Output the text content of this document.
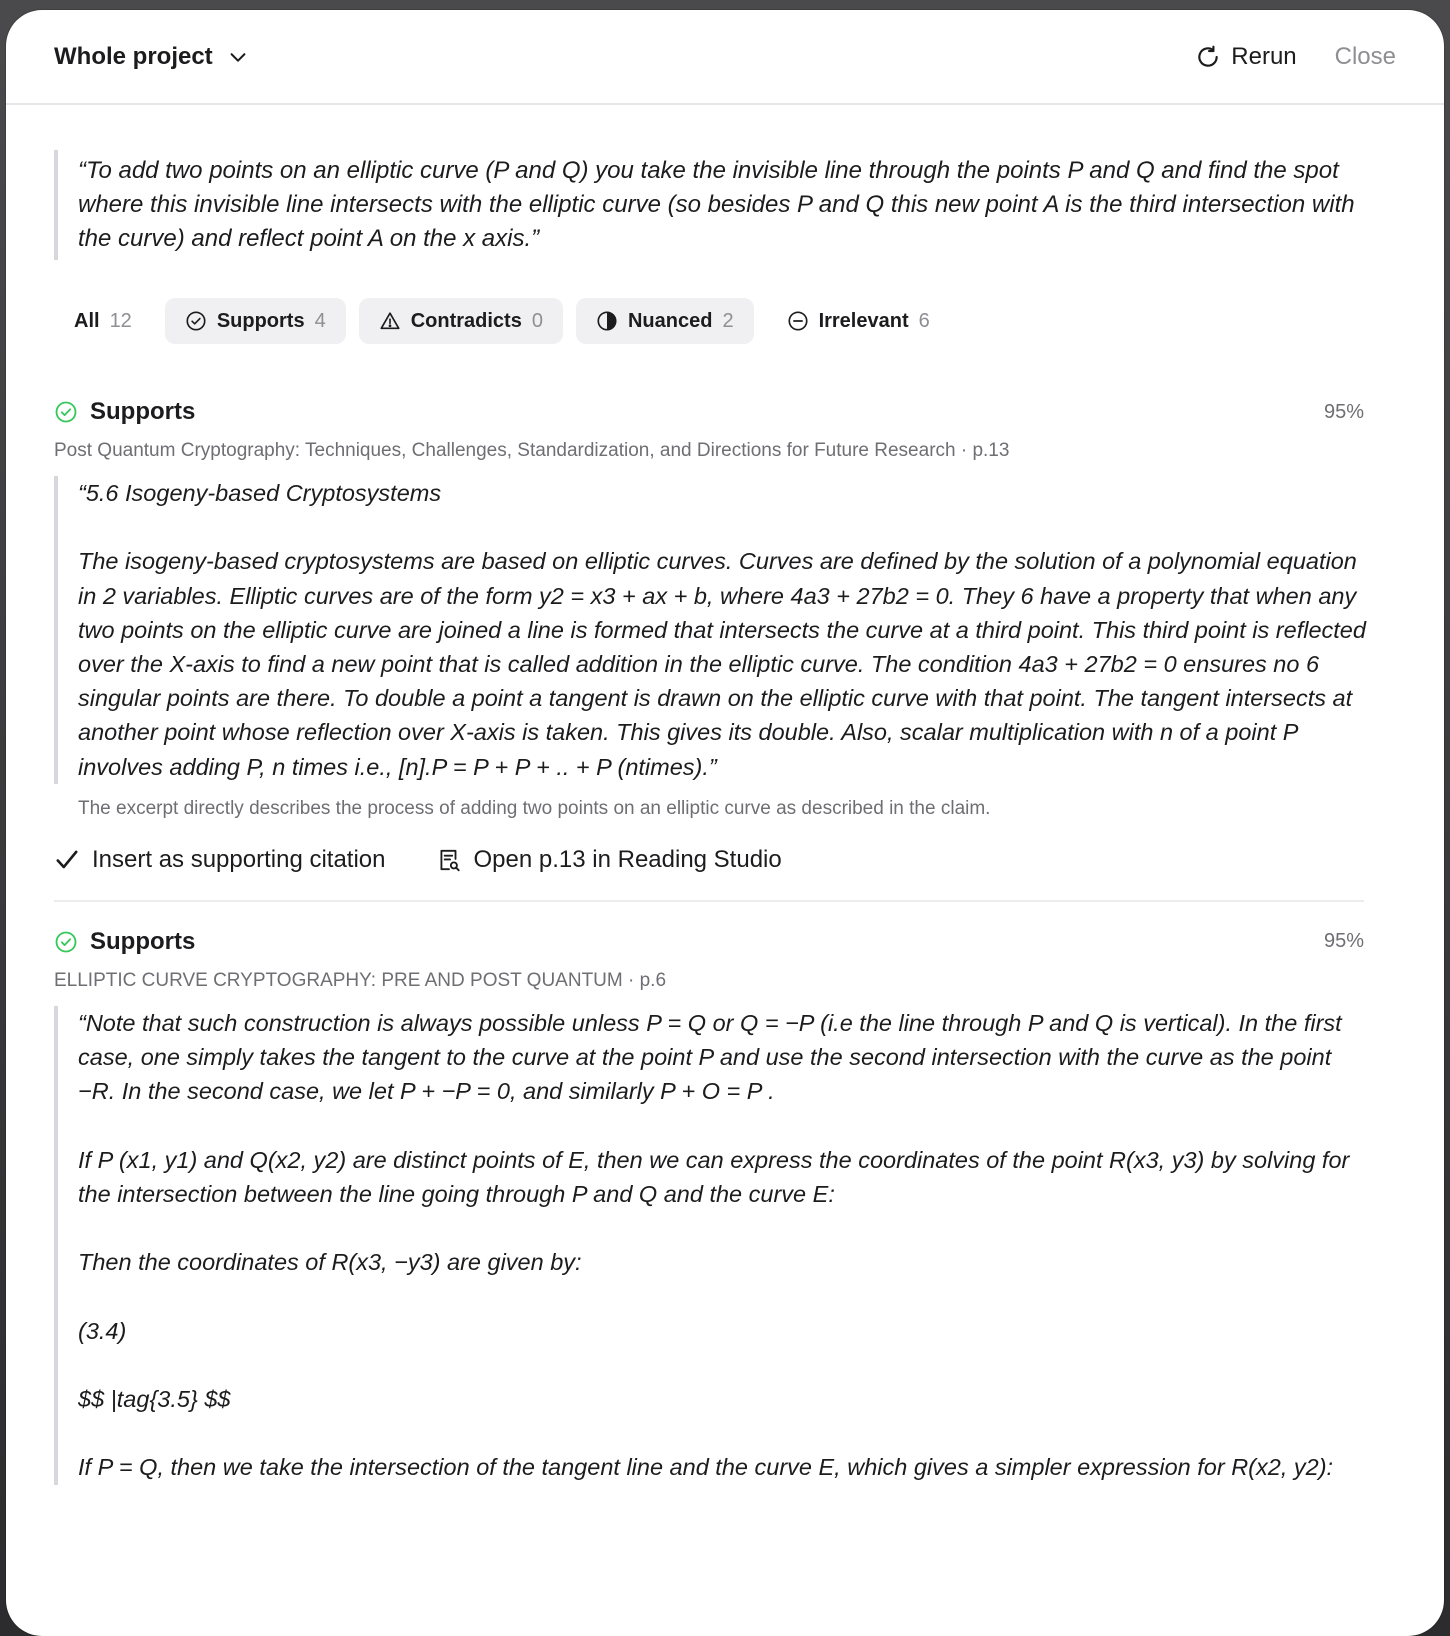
Whole project	Rerun Close
“To add two points on an elliptic curve (P and Q) you take the invisible line through the points P and Q and find the spot where this invisible line intersects with the elliptic curve (so besides P and Q this new point A is the third intersection with the curve) and reflect point A on the x axis.”
All 12	Supports 4	Contradicts 0	Nuanced 2	Irrelevant 6
Supports	95%
Post Quantum Cryptography: Techniques, Challenges, Standardization, and Directions for Future Research · p.13
“5.6 Isogeny-based Cryptosystems

The isogeny-based cryptosystems are based on elliptic curves. Curves are defined by the solution of a polynomial equation in 2 variables. Elliptic curves are of the form y2 = x3 + ax + b, where 4a3 + 27b2 = 0. They 6 have a property that when any two points on the elliptic curve are joined a line is formed that intersects the curve at a third point. This third point is reflected over the X-axis to find a new point that is called addition in the elliptic curve. The condition 4a3 + 27b2 = 0 ensures no 6 singular points are there. To double a point a tangent is drawn on the elliptic curve with that point. The tangent intersects at another point whose reflection over X-axis is taken. This gives its double. Also, scalar multiplication with n of a point P involves adding P, n times i.e., [n].P = P + P + .. + P (ntimes).”
The excerpt directly describes the process of adding two points on an elliptic curve as described in the claim.
Insert as supporting citation	Open p.13 in Reading Studio
Supports	95%
ELLIPTIC CURVE CRYPTOGRAPHY: PRE AND POST QUANTUM · p.6
“Note that such construction is always possible unless P = Q or Q = −P (i.e the line through P and Q is vertical). In the first case, one simply takes the tangent to the curve at the point P and use the second intersection with the curve as the point −R. In the second case, we let P + −P = 0, and similarly P + O = P .

If P (x1, y1) and Q(x2, y2) are distinct points of E, then we can express the coordinates of the point R(x3, y3) by solving for the intersection between the line going through P and Q and the curve E:

Then the coordinates of R(x3, −y3) are given by:

(3.4)

$$ |tag{3.5} $$

If P = Q, then we take the intersection of the tangent line and the curve E, which gives a simpler expression for R(x2, y2):
